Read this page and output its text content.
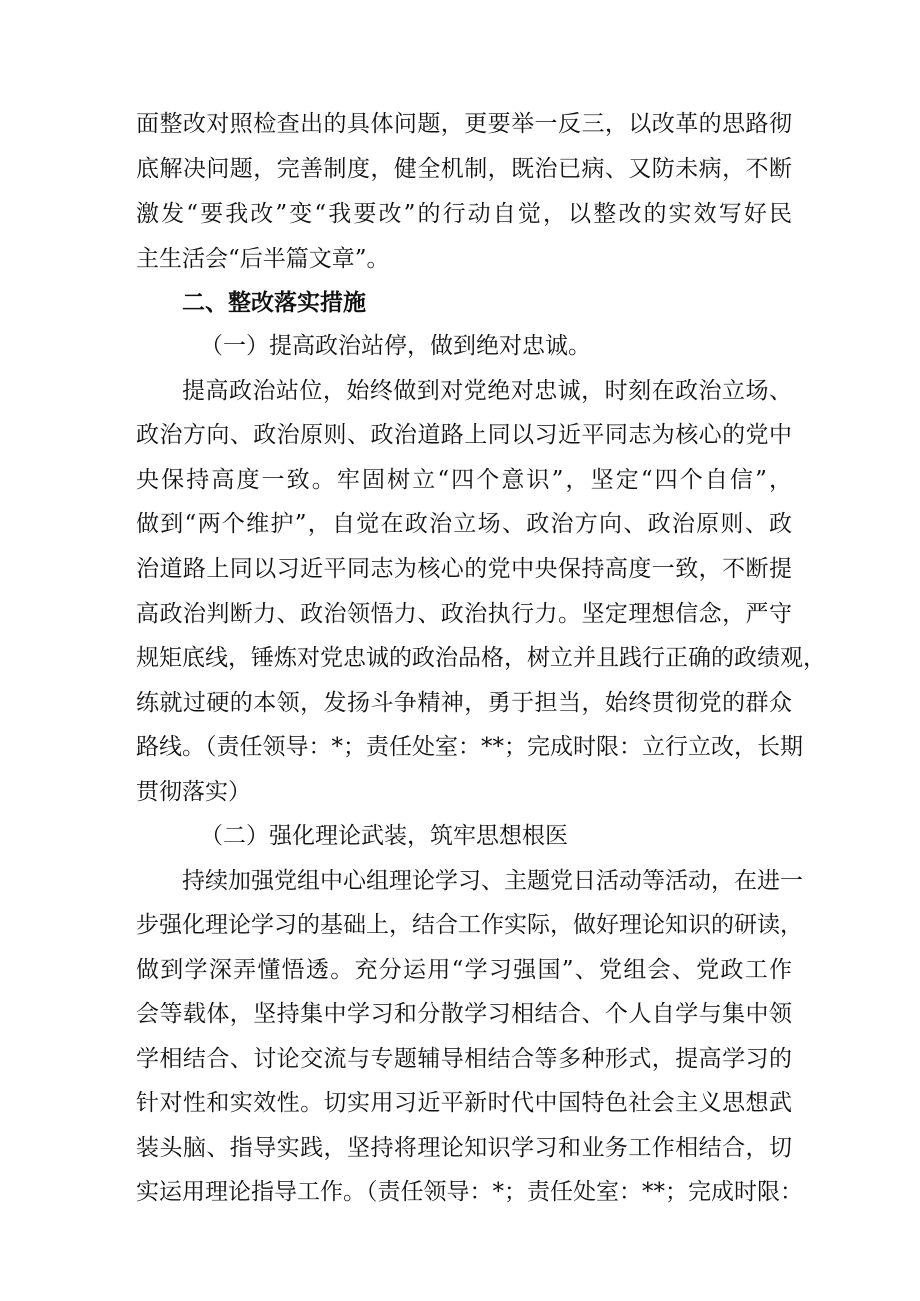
面整改对照检查出的具体问题，更要举一反三，以改革的思路彻
底解决问题，完善制度，健全机制，既治已病、又防未病，不断
激发“要我改”变“我要改”的行动自觉，以整改的实效写好民
主生活会“后半篇文章”。
二、整改落实措施
（一）提高政治站停，做到绝对忠诚。
提高政治站位，始终做到对党绝对忠诚，时刻在政治立场、
政治方向、政治原则、政治道路上同以习近平同志为核心的党中
央保持高度一致。牢固树立“四个意识”，坚定“四个自信”，
做到“两个维护”，自觉在政治立场、政治方向、政治原则、政
治道路上同以习近平同志为核心的党中央保持高度一致，不断提
高政治判断力、政治领悟力、政治执行力。坚定理想信念，严守
规矩底线，锤炼对党忠诚的政治品格，树立并且践行正确的政绩观，
练就过硬的本领，发扬斗争精神，勇于担当，始终贯彻党的群众
路线。（责任领导：*；责任处室：**；完成时限：立行立改，长期
贯彻落实）
（二）强化理论武装，筑牢思想根医
持续加强党组中心组理论学习、主题党日活动等活动，在进一
步强化理论学习的基础上，结合工作实际，做好理论知识的研读，
做到学深弄懂悟透。充分运用“学习强国”、党组会、党政工作
会等载体，坚持集中学习和分散学习相结合、个人自学与集中领
学相结合、讨论交流与专题辅导相结合等多种形式，提高学习的
针对性和实效性。切实用习近平新时代中国特色社会主义思想武
装头脑、指导实践，坚持将理论知识学习和业务工作相结合，切
实运用理论指导工作。（责任领导：*；责任处室：**；完成时限：
